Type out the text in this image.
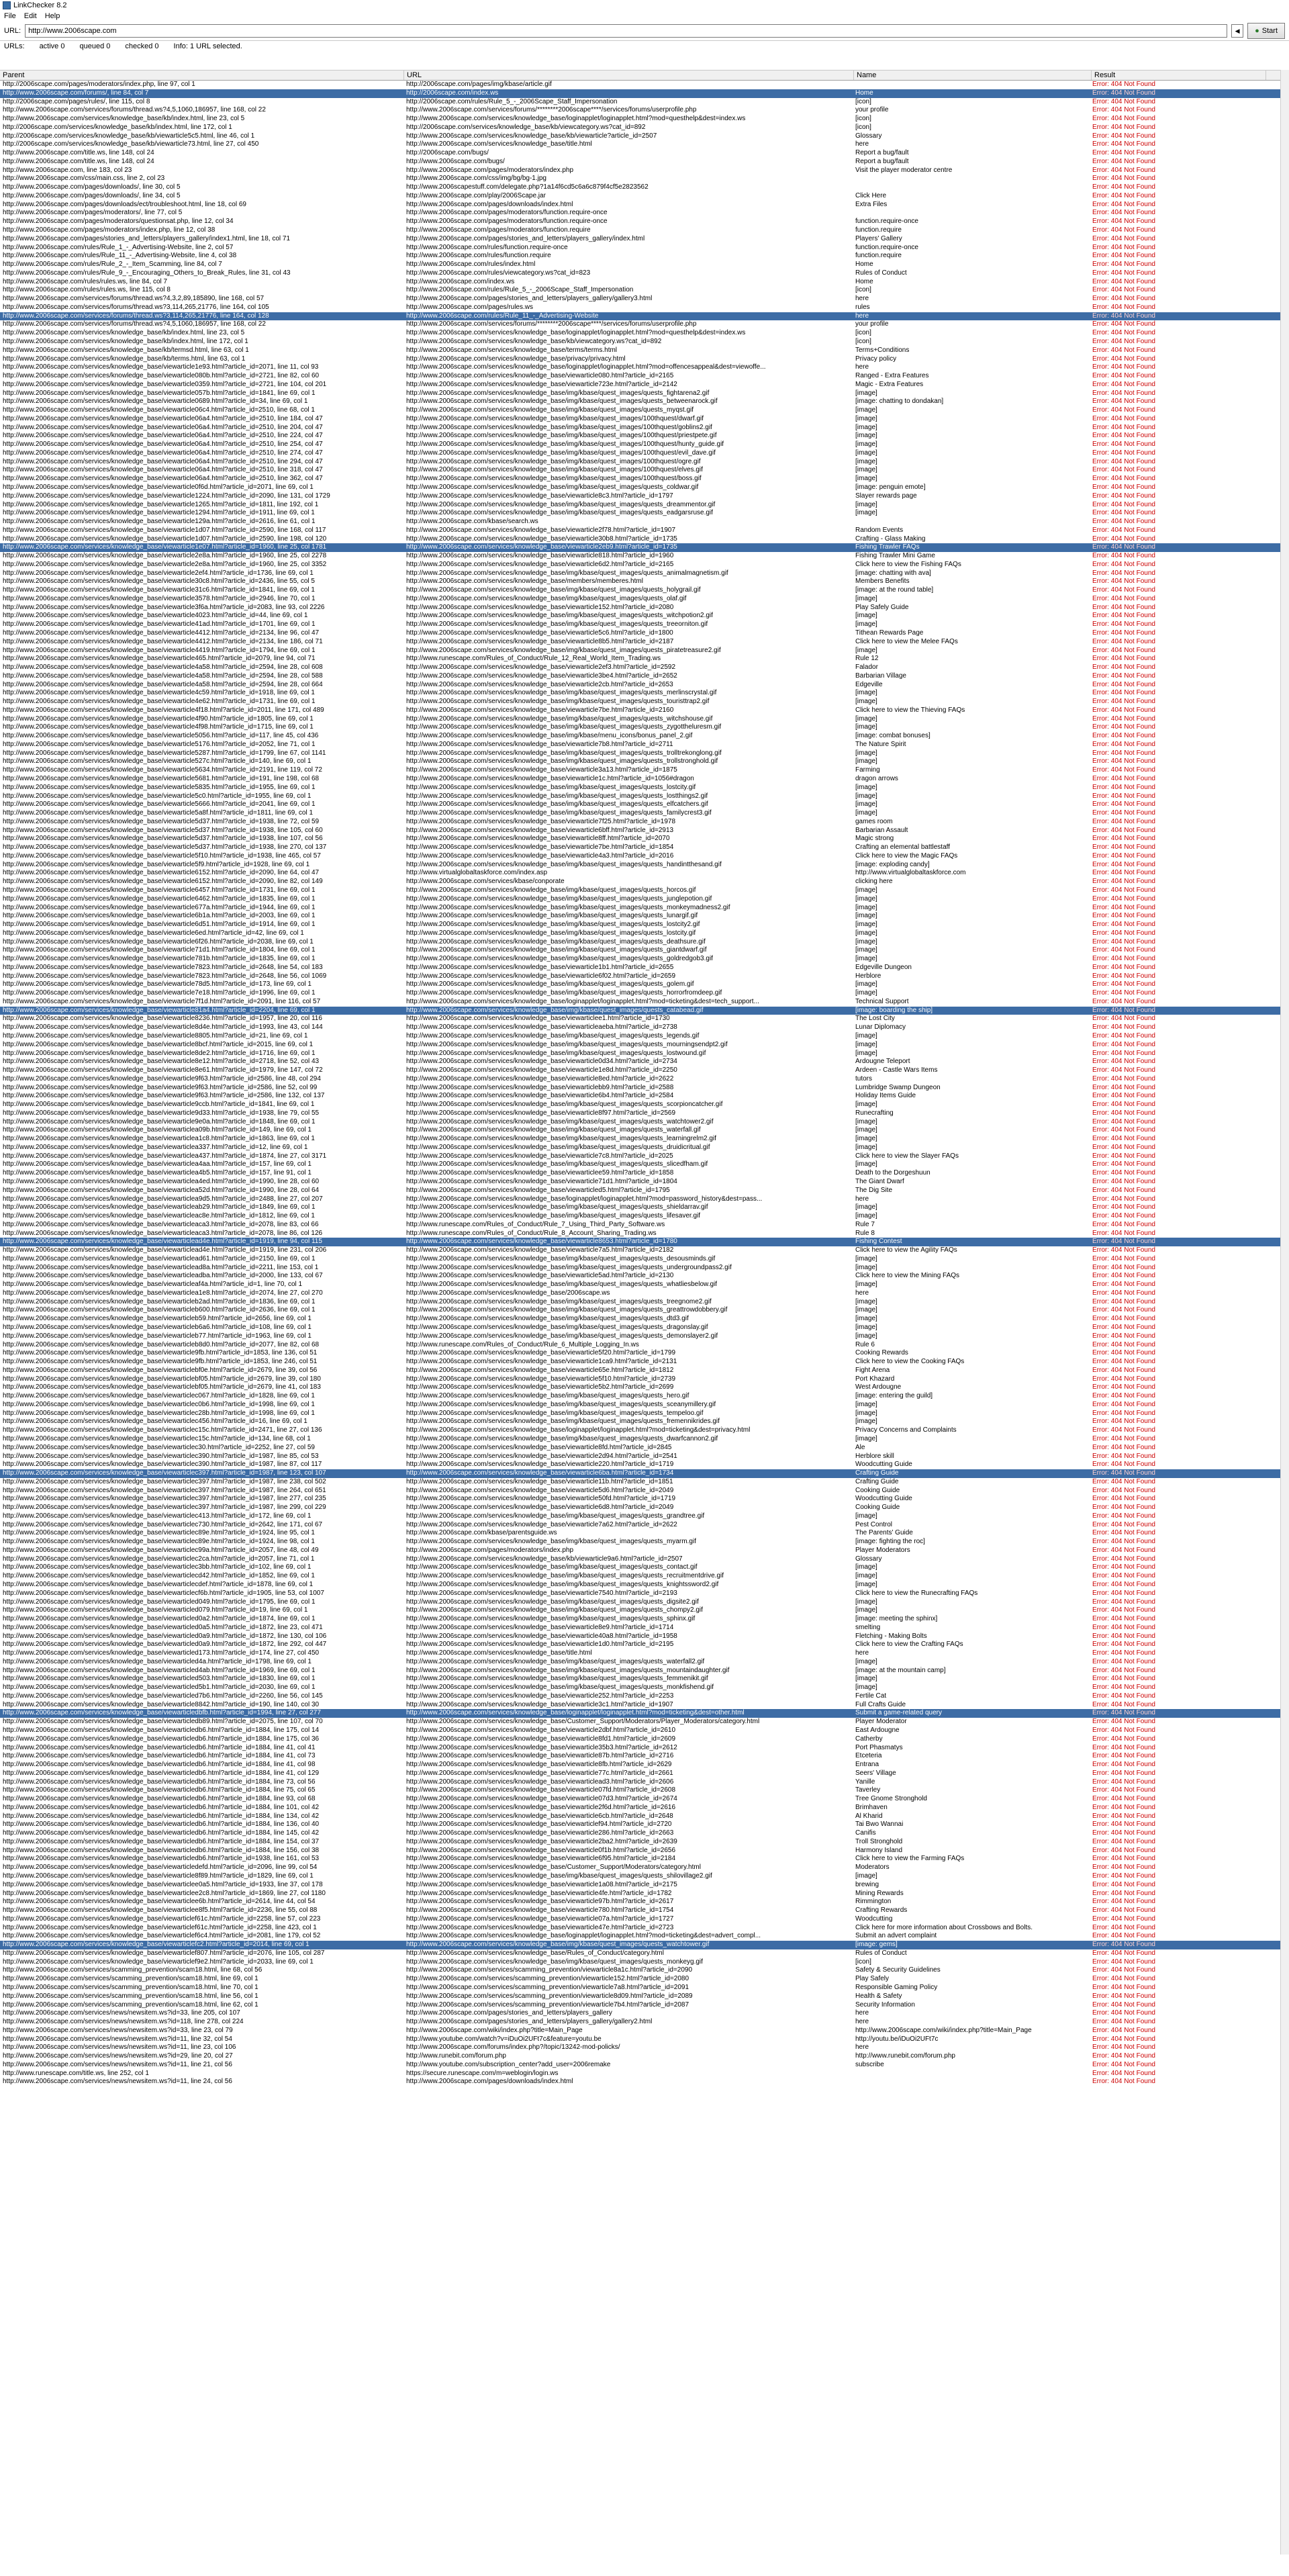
LinkChecker 8.2
File Edit Help
URL:
http://www.2006scape.com	◀	● Start
URLs: active 0 queued 0 checked 0 Info: 1 URL selected.
Parent	URL	Name	Result
http://2006scape.com/pages/moderators/index.php, line 97, col 1	http://2006scape.com/pages/img/kbase/article.gif	Error: 404 Not Found
http://www.2006scape.com/forums/, line 84, col 7	http://2006scape.com/index.ws	Home	Error: 404 Not Found
http://2006scape.com/pages/rules/, line 115, col 8	http://2006scape.com/rules/Rule_5_-_2006Scape_Staff_Impersonation	[icon]	Error: 404 Not Found
http://www.2006scape.com/services/forums/thread.ws?4,5,1060,186957, line 168, col 22	http://www.2006scape.com/services/forums/********2006scape****/services/forums/userprofile.php	your profile	Error: 404 Not Found
http://www.2006scape.com/services/knowledge_base/kb/index.html, line 23, col 5	http://www.2006scape.com/services/knowledge_base/loginapplet/loginapplet.html?mod=questhelp&dest=index.ws	[icon]	Error: 404 Not Found
http://2006scape.com/services/knowledge_base/kb/index.html, line 172, col 1	http://2006scape.com/services/knowledge_base/kb/viewcategory.ws?cat_id=892	[icon]	Error: 404 Not Found
http://2006scape.com/services/knowledge_base/kb/viewarticle5c5.html, line 46, col 1	http://www.2006scape.com/services/knowledge_base/kb/viewarticle?article_id=2507	Glossary	Error: 404 Not Found
http://2006scape.com/services/knowledge_base/kb/viewarticle73.html, line 27, col 450	http://www.2006scape.com/services/knowledge_base/title.html	here	Error: 404 Not Found
http://www.2006scape.com/title.ws, line 148, col 24	http://2006scape.com/bugs/	Report a bug/fault	Error: 404 Not Found
http://www.2006scape.com/title.ws, line 148, col 24	http://www.2006scape.com/bugs/	Report a bug/fault	Error: 404 Not Found
http://www.2006scape.com, line 183, col 23	http://www.2006scape.com/pages/moderators/index.php	Visit the player moderator centre	Error: 404 Not Found
http://www.2006scape.com/css/main.css, line 2, col 23	http://www.2006scape.com/css/img/bg/bg-1.jpg	Error: 404 Not Found
http://www.2006scape.com/pages/downloads/, line 30, col 5	http://www.2006scapestuff.com/delegate.php?1a14f6cd5c6a6c879f4cf5e2823562	Error: 404 Not Found
http://www.2006scape.com/pages/downloads/, line 34, col 5	http://www.2006scape.com/play/2006Scape.jar	Click Here	Error: 404 Not Found
http://www.2006scape.com/pages/downloads/ect/troubleshoot.html, line 18, col 69	http://www.2006scape.com/pages/downloads/index.html	Extra Files	Error: 404 Not Found
http://www.2006scape.com/pages/moderators/, line 77, col 5	http://www.2006scape.com/pages/moderators/function.require-once	Error: 404 Not Found
http://www.2006scape.com/pages/moderators/questionsat.php, line 12, col 34	http://www.2006scape.com/pages/moderators/function.require-once	function.require-once	Error: 404 Not Found
http://www.2006scape.com/pages/moderators/index.php, line 12, col 38	http://www.2006scape.com/pages/moderators/function.require	function.require	Error: 404 Not Found
http://www.2006scape.com/pages/stories_and_letters/players_gallery/index1.html, line 18, col 71	http://www.2006scape.com/pages/stories_and_letters/players_gallery/index.html	Players' Gallery	Error: 404 Not Found
http://www.2006scape.com/rules/Rule_1_-_Advertising-Website, line 2, col 57	http://www.2006scape.com/rules/function.require-once	function.require-once	Error: 404 Not Found
http://www.2006scape.com/rules/Rule_11_-_Advertising-Website, line 4, col 38	http://www.2006scape.com/rules/function.require	function.require	Error: 404 Not Found
http://www.2006scape.com/rules/Rule_2_-_Item_Scamming, line 84, col 7	http://www.2006scape.com/rules/index.html	Home	Error: 404 Not Found
http://www.2006scape.com/rules/Rule_9_-_Encouraging_Others_to_Break_Rules, line 31, col 43	http://www.2006scape.com/rules/viewcategory.ws?cat_id=823	Rules of Conduct	Error: 404 Not Found
http://www.2006scape.com/rules/rules.ws, line 84, col 7	http://www.2006scape.com/index.ws	Home	Error: 404 Not Found
http://www.2006scape.com/rules/rules.ws, line 115, col 8	http://www.2006scape.com/rules/Rule_5_-_2006Scape_Staff_Impersonation	[icon]	Error: 404 Not Found
http://www.2006scape.com/services/forums/thread.ws?4,3,2,89,185890, line 168, col 57	http://www.2006scape.com/pages/stories_and_letters/players_gallery/gallery3.html	here	Error: 404 Not Found
http://www.2006scape.com/services/forums/thread.ws?3,114,265,21776, line 164, col 105	http://www.2006scape.com/pages/rules.ws	rules	Error: 404 Not Found
http://www.2006scape.com/services/forums/thread.ws?3,114,265,21776, line 164, col 128	http://www.2006scape.com/rules/Rule_11_-_Advertising-Website	here	Error: 404 Not Found
http://www.2006scape.com/services/forums/thread.ws?4,5,1060,186957, line 168, col 22	http://www.2006scape.com/services/forums/********2006scape****/services/forums/userprofile.php	your profile	Error: 404 Not Found
http://www.2006scape.com/services/knowledge_base/kb/index.html, line 23, col 5	http://www.2006scape.com/services/knowledge_base/loginapplet/loginapplet.html?mod=questhelp&dest=index.ws	[icon]	Error: 404 Not Found
http://www.2006scape.com/services/knowledge_base/kb/index.html, line 172, col 1	http://www.2006scape.com/services/knowledge_base/kb/viewcategory.ws?cat_id=892	[icon]	Error: 404 Not Found
http://www.2006scape.com/services/knowledge_base/kb/termsd.html, line 63, col 1	http://www.2006scape.com/services/knowledge_base/terms/terms.html	Terms+Conditions	Error: 404 Not Found
http://www.2006scape.com/services/knowledge_base/kb/terms.html, line 63, col 1	http://www.2006scape.com/services/knowledge_base/privacy/privacy.html	Privacy policy	Error: 404 Not Found
http://www.2006scape.com/services/knowledge_base/viewarticle1e93.html?article_id=2071, line 11, col 93	http://www.2006scape.com/services/knowledge_base/loginapplet/loginapplet.html?mod=offencesappeal&dest=viewoffe...	here	Error: 404 Not Found
http://www.2006scape.com/services/knowledge_base/viewarticle080b.html?article_id=2721, line 82, col 60	http://www.2006scape.com/services/knowledge_base/viewarticle080.html?article_id=2165	Ranged - Extra Features	Error: 404 Not Found
http://www.2006scape.com/services/knowledge_base/viewarticle0359.html?article_id=2721, line 104, col 201	http://www.2006scape.com/services/knowledge_base/viewarticle723e.html?article_id=2142	Magic - Extra Features	Error: 404 Not Found
http://www.2006scape.com/services/knowledge_base/viewarticle057b.html?article_id=1841, line 69, col 1	http://www.2006scape.com/services/knowledge_base/img/kbase/quest_images/quests_fightarena2.gif	[image]	Error: 404 Not Found
http://www.2006scape.com/services/knowledge_base/viewarticle0689.html?article_id=34, line 69, col 1	http://www.2006scape.com/services/knowledge_base/img/kbase/quest_images/quests_betweenarock.gif	[image: chatting to dondakan]	Error: 404 Not Found
http://www.2006scape.com/services/knowledge_base/viewarticle06c4.html?article_id=2510, line 68, col 1	http://www.2006scape.com/services/knowledge_base/img/kbase/quest_images/quests_myqst.gif	[image]	Error: 404 Not Found
http://www.2006scape.com/services/knowledge_base/viewarticle06a4.html?article_id=2510, line 184, col 47	http://www.2006scape.com/services/knowledge_base/img/kbase/quest_images/100thquest/dwarf.gif	[image]	Error: 404 Not Found
http://www.2006scape.com/services/knowledge_base/viewarticle06a4.html?article_id=2510, line 204, col 47	http://www.2006scape.com/services/knowledge_base/img/kbase/quest_images/100thquest/goblins2.gif	[image]	Error: 404 Not Found
http://www.2006scape.com/services/knowledge_base/viewarticle06a4.html?article_id=2510, line 224, col 47	http://www.2006scape.com/services/knowledge_base/img/kbase/quest_images/100thquest/priestpete.gif	[image]	Error: 404 Not Found
http://www.2006scape.com/services/knowledge_base/viewarticle06a4.html?article_id=2510, line 254, col 47	http://www.2006scape.com/services/knowledge_base/img/kbase/quest_images/100thquest/hunty_guide.gif	[image]	Error: 404 Not Found
http://www.2006scape.com/services/knowledge_base/viewarticle06a4.html?article_id=2510, line 274, col 47	http://www.2006scape.com/services/knowledge_base/img/kbase/quest_images/100thquest/evil_dave.gif	[image]	Error: 404 Not Found
http://www.2006scape.com/services/knowledge_base/viewarticle06a4.html?article_id=2510, line 294, col 47	http://www.2006scape.com/services/knowledge_base/img/kbase/quest_images/100thquest/ogre.gif	[image]	Error: 404 Not Found
http://www.2006scape.com/services/knowledge_base/viewarticle06a4.html?article_id=2510, line 318, col 47	http://www.2006scape.com/services/knowledge_base/img/kbase/quest_images/100thquest/elves.gif	[image]	Error: 404 Not Found
http://www.2006scape.com/services/knowledge_base/viewarticle06a4.html?article_id=2510, line 362, col 47	http://www.2006scape.com/services/knowledge_base/img/kbase/quest_images/100thquest/boss.gif	[image]	Error: 404 Not Found
http://www.2006scape.com/services/knowledge_base/viewarticle0f6d.html?article_id=2071, line 69, col 1	http://www.2006scape.com/services/knowledge_base/img/kbase/quest_images/quests_coldwar.gif	[image: penguin emote]	Error: 404 Not Found
http://www.2006scape.com/services/knowledge_base/viewarticle1224.html?article_id=2090, line 131, col 1729	http://www.2006scape.com/services/knowledge_base/viewarticle8c3.html?article_id=1797	Slayer rewards page	Error: 404 Not Found
http://www.2006scape.com/services/knowledge_base/viewarticle1265.html?article_id=1811, line 192, col 1	http://www.2006scape.com/services/knowledge_base/img/kbase/quest_images/quests_dreammentor.gif	[image]	Error: 404 Not Found
http://www.2006scape.com/services/knowledge_base/viewarticle1294.html?article_id=1911, line 69, col 1	http://www.2006scape.com/services/knowledge_base/img/kbase/quest_images/quests_eadgarsruse.gif	[image]	Error: 404 Not Found
http://www.2006scape.com/services/knowledge_base/viewarticle129a.html?article_id=2616, line 61, col 1	http://www.2006scape.com/kbase/search.ws	Error: 404 Not Found
http://www.2006scape.com/services/knowledge_base/viewarticle1d07.html?article_id=2590, line 168, col 117	http://www.2006scape.com/services/knowledge_base/viewarticle2f78.html?article_id=1907	Random Events	Error: 404 Not Found
http://www.2006scape.com/services/knowledge_base/viewarticle1d07.html?article_id=2590, line 198, col 120	http://www.2006scape.com/services/knowledge_base/viewarticle30b8.html?article_id=1735	Crafting - Glass Making	Error: 404 Not Found
http://www.2006scape.com/services/knowledge_base/viewarticle1e07.html?article_id=1960, line 25, col 1781	http://www.2006scape.com/services/knowledge_base/viewarticle2eb9.html?article_id=1735	Fishing Trawler FAQs	Error: 404 Not Found
http://www.2006scape.com/services/knowledge_base/viewarticle2e8a.html?article_id=1960, line 25, col 2278	http://www.2006scape.com/services/knowledge_base/viewarticle818.html?article_id=1960	Fishing Trawler Mini Game	Error: 404 Not Found
http://www.2006scape.com/services/knowledge_base/viewarticle2e8a.html?article_id=1960, line 25, col 3352	http://www.2006scape.com/services/knowledge_base/viewarticle6d2.html?article_id=2165	Click here to view the Fishing FAQs	Error: 404 Not Found
http://www.2006scape.com/services/knowledge_base/viewarticle2ef4.html?article_id=1736, line 69, col 1	http://www.2006scape.com/services/knowledge_base/img/kbase/quest_images/quests_animalmagnetism.gif	[image: chatting with ava]	Error: 404 Not Found
http://www.2006scape.com/services/knowledge_base/viewarticle30c8.html?article_id=2436, line 55, col 5	http://www.2006scape.com/services/knowledge_base/members/memberes.html	Members Benefits	Error: 404 Not Found
http://www.2006scape.com/services/knowledge_base/viewarticle31c6.html?article_id=1841, line 69, col 1	http://www.2006scape.com/services/knowledge_base/img/kbase/quest_images/quests_holygrail.gif	[image: at the round table]	Error: 404 Not Found
http://www.2006scape.com/services/knowledge_base/viewarticle3578.html?article_id=2946, line 70, col 1	http://www.2006scape.com/services/knowledge_base/img/kbase/quest_images/quests_olaf.gif	[image]	Error: 404 Not Found
http://www.2006scape.com/services/knowledge_base/viewarticle3f6a.html?article_id=2083, line 93, col 2226	http://www.2006scape.com/services/knowledge_base/viewarticle152.html?article_id=2080	Play Safely Guide	Error: 404 Not Found
http://www.2006scape.com/services/knowledge_base/viewarticle4023.html?article_id=44, line 69, col 1	http://www.2006scape.com/services/knowledge_base/img/kbase/quest_images/quests_witchpotion2.gif	[image]	Error: 404 Not Found
http://www.2006scape.com/services/knowledge_base/viewarticle41ad.html?article_id=1701, line 69, col 1	http://www.2006scape.com/services/knowledge_base/img/kbase/quest_images/quests_treeorniton.gif	[image]	Error: 404 Not Found
http://www.2006scape.com/services/knowledge_base/viewarticle4412.html?article_id=2134, line 96, col 47	http://www.2006scape.com/services/knowledge_base/viewarticle5c6.html?article_id=1800	Tithean Rewards Page	Error: 404 Not Found
http://www.2006scape.com/services/knowledge_base/viewarticle4412.html?article_id=2134, line 186, col 71	http://www.2006scape.com/services/knowledge_base/viewarticle8b5.html?article_id=2187	Click here to view the Melee FAQs	Error: 404 Not Found
http://www.2006scape.com/services/knowledge_base/viewarticle4419.html?article_id=1794, line 69, col 1	http://www.2006scape.com/services/knowledge_base/img/kbase/quest_images/quests_piratetreasure2.gif	[image]	Error: 404 Not Found
http://www.2006scape.com/services/knowledge_base/viewarticle465.html?article_id=2079, line 94, col 71	http://www.runescape.com/Rules_of_Conduct/Rule_12_Real_World_Item_Trading.ws	Rule 12	Error: 404 Not Found
http://www.2006scape.com/services/knowledge_base/viewarticle4a58.html?article_id=2594, line 28, col 608	http://www.2006scape.com/services/knowledge_base/viewarticle2ef3.html?article_id=2592	Falador	Error: 404 Not Found
http://www.2006scape.com/services/knowledge_base/viewarticle4a58.html?article_id=2594, line 28, col 588	http://www.2006scape.com/services/knowledge_base/viewarticle3be4.html?article_id=2652	Barbarian Village	Error: 404 Not Found
http://www.2006scape.com/services/knowledge_base/viewarticle4a58.html?article_id=2594, line 28, col 664	http://www.2006scape.com/services/knowledge_base/viewarticle2cb.html?article_id=2653	Edgeville	Error: 404 Not Found
http://www.2006scape.com/services/knowledge_base/viewarticle4c59.html?article_id=1918, line 69, col 1	http://www.2006scape.com/services/knowledge_base/img/kbase/quest_images/quests_merlinscrystal.gif	[image]	Error: 404 Not Found
http://www.2006scape.com/services/knowledge_base/viewarticle4e62.html?article_id=1731, line 69, col 1	http://www.2006scape.com/services/knowledge_base/img/kbase/quest_images/quests_touristtrap2.gif	[image]	Error: 404 Not Found
http://www.2006scape.com/services/knowledge_base/viewarticle4f18.html?article_id=2011, line 171, col 489	http://www.2006scape.com/services/knowledge_base/viewarticle7be.html?article_id=2160	Click here to view the Thieving FAQs	Error: 404 Not Found
http://www.2006scape.com/services/knowledge_base/viewarticle4f90.html?article_id=1805, line 69, col 1	http://www.2006scape.com/services/knowledge_base/img/kbase/quest_images/quests_witchshouse.gif	[image]	Error: 404 Not Found
http://www.2006scape.com/services/knowledge_base/viewarticle4f98.html?article_id=1715, line 69, col 1	http://www.2006scape.com/services/knowledge_base/img/kbase/quest_images/quests_zygottheluresm.gif	[image]	Error: 404 Not Found
http://www.2006scape.com/services/knowledge_base/viewarticle5056.html?article_id=117, line 45, col 436	http://www.2006scape.com/services/knowledge_base/img/kbase/menu_icons/bonus_panel_2.gif	[image: combat bonuses]	Error: 404 Not Found
http://www.2006scape.com/services/knowledge_base/viewarticle5176.html?article_id=2052, line 71, col 1	http://www.2006scape.com/services/knowledge_base/viewarticle7b8.html?article_id=2711	The Nature Spirit	Error: 404 Not Found
http://www.2006scape.com/services/knowledge_base/viewarticle5287.html?article_id=1799, line 67, col 1141	http://www.2006scape.com/services/knowledge_base/img/kbase/quest_images/quests_trolltrekonglong.gif	[image]	Error: 404 Not Found
http://www.2006scape.com/services/knowledge_base/viewarticle527c.html?article_id=140, line 69, col 1	http://www.2006scape.com/services/knowledge_base/img/kbase/quest_images/quests_trollstronghold.gif	[image]	Error: 404 Not Found
http://www.2006scape.com/services/knowledge_base/viewarticle5634.html?article_id=2191, line 119, col 72	http://www.2006scape.com/services/knowledge_base/viewarticle3a13.html?article_id=1875	Farming	Error: 404 Not Found
http://www.2006scape.com/services/knowledge_base/viewarticle5681.html?article_id=191, line 198, col 68	http://www.2006scape.com/services/knowledge_base/viewarticle1c.html?article_id=1056#dragon	dragon arrows	Error: 404 Not Found
http://www.2006scape.com/services/knowledge_base/viewarticle5835.html?article_id=1955, line 69, col 1	http://www.2006scape.com/services/knowledge_base/img/kbase/quest_images/quests_lostcity.gif	[image]	Error: 404 Not Found
http://www.2006scape.com/services/knowledge_base/viewarticle5c0.html?article_id=1955, line 69, col 1	http://www.2006scape.com/services/knowledge_base/img/kbase/quest_images/quests_lostthings2.gif	[image]	Error: 404 Not Found
http://www.2006scape.com/services/knowledge_base/viewarticle5666.html?article_id=2041, line 69, col 1	http://www.2006scape.com/services/knowledge_base/img/kbase/quest_images/quests_elfcatchers.gif	[image]	Error: 404 Not Found
http://www.2006scape.com/services/knowledge_base/viewarticle5a8f.html?article_id=1811, line 69, col 1	http://www.2006scape.com/services/knowledge_base/img/kbase/quest_images/quests_familycrest3.gif	[image]	Error: 404 Not Found
http://www.2006scape.com/services/knowledge_base/viewarticle5d37.html?article_id=1938, line 72, col 59	http://www.2006scape.com/services/knowledge_base/viewarticle7f25.html?article_id=1978	games room	Error: 404 Not Found
http://www.2006scape.com/services/knowledge_base/viewarticle5d37.html?article_id=1938, line 105, col 60	http://www.2006scape.com/services/knowledge_base/viewarticle6bff.html?article_id=2913	Barbarian Assault	Error: 404 Not Found
http://www.2006scape.com/services/knowledge_base/viewarticle5d37.html?article_id=1938, line 107, col 56	http://www.2006scape.com/services/knowledge_base/viewarticle8ff.html?article_id=2070	Magic strong	Error: 404 Not Found
http://www.2006scape.com/services/knowledge_base/viewarticle5d37.html?article_id=1938, line 270, col 137	http://www.2006scape.com/services/knowledge_base/viewarticle7be.html?article_id=1854	Crafting an elemental battlestaff	Error: 404 Not Found
http://www.2006scape.com/services/knowledge_base/viewarticle5f10.html?article_id=1938, line 465, col 57	http://www.2006scape.com/services/knowledge_base/viewarticle4a3.html?article_id=2016	Click here to view the Magic FAQs	Error: 404 Not Found
http://www.2006scape.com/services/knowledge_base/viewarticle5f9.html?article_id=1928, line 69, col 1	http://www.2006scape.com/services/knowledge_base/img/kbase/quest_images/quests_handintthesand.gif	[image: exploding candy]	Error: 404 Not Found
http://www.2006scape.com/services/knowledge_base/viewarticle6152.html?article_id=2090, line 64, col 47	http://www.virtualglobaltaskforce.com/index.asp	http://www.virtualglobaltaskforce.com	Error: 404 Not Found
http://www.2006scape.com/services/knowledge_base/viewarticle6152.html?article_id=2090, line 82, col 149	http://www.2006scape.com/services/kbase/conporate	clicking here	Error: 404 Not Found
http://www.2006scape.com/services/knowledge_base/viewarticle6457.html?article_id=1731, line 69, col 1	http://www.2006scape.com/services/knowledge_base/img/kbase/quest_images/quests_horcos.gif	[image]	Error: 404 Not Found
http://www.2006scape.com/services/knowledge_base/viewarticle6462.html?article_id=1835, line 69, col 1	http://www.2006scape.com/services/knowledge_base/img/kbase/quest_images/quests_junglepotion.gif	[image]	Error: 404 Not Found
http://www.2006scape.com/services/knowledge_base/viewarticle677a.html?article_id=1944, line 69, col 1	http://www.2006scape.com/services/knowledge_base/img/kbase/quest_images/quests_monkeymadness2.gif	[image]	Error: 404 Not Found
http://www.2006scape.com/services/knowledge_base/viewarticle6b1a.html?article_id=2003, line 69, col 1	http://www.2006scape.com/services/knowledge_base/img/kbase/quest_images/quests_lunargif.gif	[image]	Error: 404 Not Found
http://www.2006scape.com/services/knowledge_base/viewarticle6d51.html?article_id=1914, line 69, col 1	http://www.2006scape.com/services/knowledge_base/img/kbase/quest_images/quests_lostcity2.gif	[image]	Error: 404 Not Found
http://www.2006scape.com/services/knowledge_base/viewarticle6ed.html?article_id=42, line 69, col 1	http://www.2006scape.com/services/knowledge_base/img/kbase/quest_images/quests_lostcity.gif	[image]	Error: 404 Not Found
http://www.2006scape.com/services/knowledge_base/viewarticle6f26.html?article_id=2038, line 69, col 1	http://www.2006scape.com/services/knowledge_base/img/kbase/quest_images/quests_deathsure.gif	[image]	Error: 404 Not Found
http://www.2006scape.com/services/knowledge_base/viewarticle71d1.html?article_id=1804, line 69, col 1	http://www.2006scape.com/services/knowledge_base/img/kbase/quest_images/quests_giantdwarf.gif	[image]	Error: 404 Not Found
http://www.2006scape.com/services/knowledge_base/viewarticle781b.html?article_id=1835, line 69, col 1	http://www.2006scape.com/services/knowledge_base/img/kbase/quest_images/quests_goldredgob3.gif	[image]	Error: 404 Not Found
http://www.2006scape.com/services/knowledge_base/viewarticle7823.html?article_id=2648, line 54, col 183	http://www.2006scape.com/services/knowledge_base/viewarticle1b1.html?article_id=2655	Edgeville Dungeon	Error: 404 Not Found
http://www.2006scape.com/services/knowledge_base/viewarticle7823.html?article_id=2648, line 56, col 1069	http://www.2006scape.com/services/knowledge_base/viewarticle6f02.html?article_id=2659	Herblore	Error: 404 Not Found
http://www.2006scape.com/services/knowledge_base/viewarticle78d5.html?article_id=173, line 69, col 1	http://www.2006scape.com/services/knowledge_base/img/kbase/quest_images/quests_golem.gif	[image]	Error: 404 Not Found
http://www.2006scape.com/services/knowledge_base/viewarticle7e18.html?article_id=1996, line 69, col 1	http://www.2006scape.com/services/knowledge_base/img/kbase/quest_images/quests_horrorfromdeep.gif	[image]	Error: 404 Not Found
http://www.2006scape.com/services/knowledge_base/viewarticle7f1d.html?article_id=2091, line 116, col 57	http://www.2006scape.com/services/knowledge_base/loginapplet/loginapplet.html?mod=ticketing&dest=tech_support...	Technical Support	Error: 404 Not Found
http://www.2006scape.com/services/knowledge_base/viewarticle81a4.html?article_id=2204, line 69, col 1	http://www.2006scape.com/services/knowledge_base/img/kbase/quest_images/quests_catabead.gif	[image: boarding the ship]	Error: 404 Not Found
http://www.2006scape.com/services/knowledge_base/viewarticle8236.html?article_id=1957, line 20, col 116	http://www.2006scape.com/services/knowledge_base/viewarticlee1.html?article_id=1730	The Lost City	Error: 404 Not Found
http://www.2006scape.com/services/knowledge_base/viewarticle8d4e.html?article_id=1993, line 43, col 144	http://www.2006scape.com/services/knowledge_base/viewarticleaeba.html?article_id=2738	Lunar Diplomacy	Error: 404 Not Found
http://www.2006scape.com/services/knowledge_base/viewarticle8805.html?article_id=21, line 69, col 1	http://www.2006scape.com/services/knowledge_base/img/kbase/quest_images/quests_legends.gif	[image]	Error: 404 Not Found
http://www.2006scape.com/services/knowledge_base/viewarticle8bcf.html?article_id=2015, line 69, col 1	http://www.2006scape.com/services/knowledge_base/img/kbase/quest_images/quests_mourningsendpt2.gif	[image]	Error: 404 Not Found
http://www.2006scape.com/services/knowledge_base/viewarticle8de2.html?article_id=1716, line 69, col 1	http://www.2006scape.com/services/knowledge_base/img/kbase/quest_images/quests_lostwound.gif	[image]	Error: 404 Not Found
http://www.2006scape.com/services/knowledge_base/viewarticle8e12.html?article_id=2718, line 52, col 43	http://www.2006scape.com/services/knowledge_base/viewarticle0d34.html?article_id=2734	Ardougne Teleport	Error: 404 Not Found
http://www.2006scape.com/services/knowledge_base/viewarticle8e61.html?article_id=1979, line 147, col 72	http://www.2006scape.com/services/knowledge_base/viewarticle1e8d.html?article_id=2250	Ardeen - Castle Wars Items	Error: 404 Not Found
http://www.2006scape.com/services/knowledge_base/viewarticle9f63.html?article_id=2586, line 48, col 294	http://www.2006scape.com/services/knowledge_base/viewarticle8ed.html?article_id=2622	tutors	Error: 404 Not Found
http://www.2006scape.com/services/knowledge_base/viewarticle9f63.html?article_id=2586, line 52, col 99	http://www.2006scape.com/services/knowledge_base/viewarticlebb9.html?article_id=2588	Lumbridge Swamp Dungeon	Error: 404 Not Found
http://www.2006scape.com/services/knowledge_base/viewarticle9f63.html?article_id=2586, line 132, col 137	http://www.2006scape.com/services/knowledge_base/viewarticle6b4.html?article_id=2584	Holiday Items Guide	Error: 404 Not Found
http://www.2006scape.com/services/knowledge_base/viewarticle9ccb.html?article_id=1841, line 69, col 1	http://www.2006scape.com/services/knowledge_base/img/kbase/quest_images/quests_scorpioncatcher.gif	[image]	Error: 404 Not Found
http://www.2006scape.com/services/knowledge_base/viewarticle9d33.html?article_id=1938, line 79, col 55	http://www.2006scape.com/services/knowledge_base/viewarticle8f97.html?article_id=2569	Runecrafting	Error: 404 Not Found
http://www.2006scape.com/services/knowledge_base/viewarticle9e0a.html?article_id=1848, line 69, col 1	http://www.2006scape.com/services/knowledge_base/img/kbase/quest_images/quests_watchtower2.gif	[image]	Error: 404 Not Found
http://www.2006scape.com/services/knowledge_base/viewarticlea09b.html?article_id=149, line 69, col 1	http://www.2006scape.com/services/knowledge_base/img/kbase/quest_images/quests_waterfall.gif	[image]	Error: 404 Not Found
http://www.2006scape.com/services/knowledge_base/viewarticlea1c8.html?article_id=1863, line 69, col 1	http://www.2006scape.com/services/knowledge_base/img/kbase/quest_images/quests_learningrelm2.gif	[image]	Error: 404 Not Found
http://www.2006scape.com/services/knowledge_base/viewarticlea337.html?article_id=12, line 69, col 1	http://www.2006scape.com/services/knowledge_base/img/kbase/quest_images/quests_druidicritual.gif	[image]	Error: 404 Not Found
http://www.2006scape.com/services/knowledge_base/viewarticlea437.html?article_id=1874, line 27, col 3171	http://www.2006scape.com/services/knowledge_base/viewarticle7c8.html?article_id=2025	Click here to view the Slayer FAQs	Error: 404 Not Found
http://www.2006scape.com/services/knowledge_base/viewarticlea4aa.html?article_id=157, line 69, col 1	http://www.2006scape.com/services/knowledge_base/img/kbase/quest_images/quests_slicedfham.gif	[image]	Error: 404 Not Found
http://www.2006scape.com/services/knowledge_base/viewarticlea4b5.html?article_id=157, line 91, col 1	http://www.2006scape.com/services/knowledge_base/viewarticlee59.html?article_id=1858	Death to the Dorgeshuun	Error: 404 Not Found
http://www.2006scape.com/services/knowledge_base/viewarticlea4ed.html?article_id=1990, line 28, col 60	http://www.2006scape.com/services/knowledge_base/viewarticle71d1.html?article_id=1804	The Giant Dwarf	Error: 404 Not Found
http://www.2006scape.com/services/knowledge_base/viewarticlea52d.html?article_id=1990, line 28, col 64	http://www.2006scape.com/services/knowledge_base/viewarticled5.html?article_id=1795	The Dig Site	Error: 404 Not Found
http://www.2006scape.com/services/knowledge_base/viewarticlea9d5.html?article_id=2488, line 27, col 207	http://www.2006scape.com/services/knowledge_base/loginapplet/loginapplet.html?mod=password_history&dest=pass...	here	Error: 404 Not Found
http://www.2006scape.com/services/knowledge_base/viewarticleab29.html?article_id=1849, line 69, col 1	http://www.2006scape.com/services/knowledge_base/img/kbase/quest_images/quests_shieldarrav.gif	[image]	Error: 404 Not Found
http://www.2006scape.com/services/knowledge_base/viewarticleac8e.html?article_id=1812, line 69, col 1	http://www.2006scape.com/services/knowledge_base/img/kbase/quest_images/quests_lifesaver.gif	[image]	Error: 404 Not Found
http://www.2006scape.com/services/knowledge_base/viewarticleaca3.html?article_id=2078, line 83, col 66	http://www.runescape.com/Rules_of_Conduct/Rule_7_Using_Third_Party_Software.ws	Rule 7	Error: 404 Not Found
http://www.2006scape.com/services/knowledge_base/viewarticleaca3.html?article_id=2078, line 86, col 126	http://www.runescape.com/Rules_of_Conduct/Rule_8_Account_Sharing_Trading.ws	Rule 8	Error: 404 Not Found
http://www.2006scape.com/services/knowledge_base/viewarticlead4e.html?article_id=1919, line 94, col 115	http://www.2006scape.com/services/knowledge_base/viewarticle8653.html?article_id=1780	Fishing Contest	Error: 404 Not Found
http://www.2006scape.com/services/knowledge_base/viewarticlead4e.html?article_id=1919, line 231, col 206	http://www.2006scape.com/services/knowledge_base/viewarticle7a5.html?article_id=2182	Click here to view the Agility FAQs	Error: 404 Not Found
http://www.2006scape.com/services/knowledge_base/viewarticlead61.html?article_id=2150, line 69, col 1	http://www.2006scape.com/services/knowledge_base/img/kbase/quest_images/quests_desousminds.gif	[image]	Error: 404 Not Found
http://www.2006scape.com/services/knowledge_base/viewarticlead8a.html?article_id=2211, line 153, col 1	http://www.2006scape.com/services/knowledge_base/img/kbase/quest_images/quests_undergroundpass2.gif	[image]	Error: 404 Not Found
http://www.2006scape.com/services/knowledge_base/viewarticleadba.html?article_id=2000, line 133, col 67	http://www.2006scape.com/services/knowledge_base/viewarticle5ad.html?article_id=2130	Click here to view the Mining FAQs	Error: 404 Not Found
http://www.2006scape.com/services/knowledge_base/viewarticleaf4a.html?article_id=1, line 70, col 1	http://www.2006scape.com/services/knowledge_base/img/kbase/quest_images/quests_whatliesbelow.gif	[image]	Error: 404 Not Found
http://www.2006scape.com/services/knowledge_base/viewarticlea1e8.html?article_id=2074, line 27, col 270	http://www.2006scape.com/services/knowledge_base/2006scape.ws	here	Error: 404 Not Found
http://www.2006scape.com/services/knowledge_base/viewarticleb2ad.html?article_id=1836, line 69, col 1	http://www.2006scape.com/services/knowledge_base/img/kbase/quest_images/quests_treegnome2.gif	[image]	Error: 404 Not Found
http://www.2006scape.com/services/knowledge_base/viewarticleb600.html?article_id=2636, line 69, col 1	http://www.2006scape.com/services/knowledge_base/img/kbase/quest_images/quests_greattrowdobbery.gif	[image]	Error: 404 Not Found
http://www.2006scape.com/services/knowledge_base/viewarticleb59.html?article_id=2656, line 69, col 1	http://www.2006scape.com/services/knowledge_base/img/kbase/quest_images/quests_dtd3.gif	[image]	Error: 404 Not Found
http://www.2006scape.com/services/knowledge_base/viewarticleb6a6.html?article_id=108, line 69, col 1	http://www.2006scape.com/services/knowledge_base/img/kbase/quest_images/quests_dragonslay.gif	[image]	Error: 404 Not Found
http://www.2006scape.com/services/knowledge_base/viewarticleb77.html?article_id=1963, line 69, col 1	http://www.2006scape.com/services/knowledge_base/img/kbase/quest_images/quests_demonslayer2.gif	[image]	Error: 404 Not Found
http://www.2006scape.com/services/knowledge_base/viewarticleb8d0.html?article_id=2077, line 82, col 68	http://www.runescape.com/Rules_of_Conduct/Rule_6_Multiple_Logging_In.ws	Rule 6	Error: 404 Not Found
http://www.2006scape.com/services/knowledge_base/viewarticle9fb.html?article_id=1853, line 136, col 51	http://www.2006scape.com/services/knowledge_base/viewarticle5f20.html?article_id=1799	Cooking Rewards	Error: 404 Not Found
http://www.2006scape.com/services/knowledge_base/viewarticle9fb.html?article_id=1853, line 246, col 51	http://www.2006scape.com/services/knowledge_base/viewarticle1ca9.html?article_id=2131	Click here to view the Cooking FAQs	Error: 404 Not Found
http://www.2006scape.com/services/knowledge_base/viewarticlebf0e.html?article_id=2679, line 39, col 56	http://www.2006scape.com/services/knowledge_base/viewarticle65e.html?article_id=1812	Fight Arena	Error: 404 Not Found
http://www.2006scape.com/services/knowledge_base/viewarticlebf05.html?article_id=2679, line 39, col 180	http://www.2006scape.com/services/knowledge_base/viewarticle5f10.html?article_id=2739	Port Khazard	Error: 404 Not Found
http://www.2006scape.com/services/knowledge_base/viewarticlebf05.html?article_id=2679, line 41, col 183	http://www.2006scape.com/services/knowledge_base/viewarticle5b2.html?article_id=2699	West Ardougne	Error: 404 Not Found
http://www.2006scape.com/services/knowledge_base/viewarticlec067.html?article_id=1828, line 69, col 1	http://www.2006scape.com/services/knowledge_base/img/kbase/quest_images/quests_hero.gif	[image: entering the guild]	Error: 404 Not Found
http://www.2006scape.com/services/knowledge_base/viewarticlec0b6.html?article_id=1998, line 69, col 1	http://www.2006scape.com/services/knowledge_base/img/kbase/quest_images/quests_sceanymillery.gif	[image]	Error: 404 Not Found
http://www.2006scape.com/services/knowledge_base/viewarticlec28b.html?article_id=1998, line 69, col 1	http://www.2006scape.com/services/knowledge_base/img/kbase/quest_images/quests_tempeloo.gif	[image]	Error: 404 Not Found
http://www.2006scape.com/services/knowledge_base/viewarticlec456.html?article_id=16, line 69, col 1	http://www.2006scape.com/services/knowledge_base/img/kbase/quest_images/quests_fremennikrides.gif	[image]	Error: 404 Not Found
http://www.2006scape.com/services/knowledge_base/viewarticlec15c.html?article_id=2471, line 27, col 136	http://www.2006scape.com/services/knowledge_base/loginapplet/loginapplet.html?mod=ticketing&dest=privacy.html	Privacy Concerns and Complaints	Error: 404 Not Found
http://www.2006scape.com/services/knowledge_base/viewarticlec15c.html?article_id=134, line 68, col 1	http://www.2006scape.com/services/knowledge_base/img/kbase/quest_images/quests_dwarfcannon2.gif	[image]	Error: 404 Not Found
http://www.2006scape.com/services/knowledge_base/viewarticlec30.html?article_id=2252, line 27, col 59	http://www.2006scape.com/services/knowledge_base/viewarticle8fd.html?article_id=2845	Ale	Error: 404 Not Found
http://www.2006scape.com/services/knowledge_base/viewarticlec390.html?article_id=1987, line 85, col 53	http://www.2006scape.com/services/knowledge_base/viewarticle2d94.html?article_id=2541	Herblore skill	Error: 404 Not Found
http://www.2006scape.com/services/knowledge_base/viewarticlec390.html?article_id=1987, line 87, col 117	http://www.2006scape.com/services/knowledge_base/viewarticle220.html?article_id=1719	Woodcutting Guide	Error: 404 Not Found
http://www.2006scape.com/services/knowledge_base/viewarticlec397.html?article_id=1987, line 123, col 107	http://www.2006scape.com/services/knowledge_base/viewarticle6ba.html?article_id=1734	Crafting Guide	Error: 404 Not Found
http://www.2006scape.com/services/knowledge_base/viewarticlec397.html?article_id=1987, line 238, col 502	http://www.2006scape.com/services/knowledge_base/viewarticle11b.html?article_id=1851	Crafting Guide	Error: 404 Not Found
http://www.2006scape.com/services/knowledge_base/viewarticlec397.html?article_id=1987, line 264, col 651	http://www.2006scape.com/services/knowledge_base/viewarticle5d6.html?article_id=2049	Cooking Guide	Error: 404 Not Found
http://www.2006scape.com/services/knowledge_base/viewarticlec397.html?article_id=1987, line 277, col 235	http://www.2006scape.com/services/knowledge_base/viewarticle50fd.html?article_id=1719	Woodcutting Guide	Error: 404 Not Found
http://www.2006scape.com/services/knowledge_base/viewarticlec397.html?article_id=1987, line 299, col 229	http://www.2006scape.com/services/knowledge_base/viewarticle6d8.html?article_id=2049	Cooking Guide	Error: 404 Not Found
http://www.2006scape.com/services/knowledge_base/viewarticlec413.html?article_id=172, line 69, col 1	http://www.2006scape.com/services/knowledge_base/img/kbase/quest_images/quests_grandtree.gif	[image]	Error: 404 Not Found
http://www.2006scape.com/services/knowledge_base/viewarticlec730.html?article_id=2642, line 171, col 67	http://www.2006scape.com/services/knowledge_base/viewarticle7a62.html?article_id=2622	Pest Control	Error: 404 Not Found
http://www.2006scape.com/services/knowledge_base/viewarticlec89e.html?article_id=1924, line 95, col 1	http://www.2006scape.com/kbase/parentsguide.ws	The Parents' Guide	Error: 404 Not Found
http://www.2006scape.com/services/knowledge_base/viewarticlec89e.html?article_id=1924, line 98, col 1	http://www.2006scape.com/services/knowledge_base/img/kbase/quest_images/quests_myarm.gif	[image: fighting the roc]	Error: 404 Not Found
http://www.2006scape.com/services/knowledge_base/viewarticlec99a.html?article_id=2057, line 48, col 49	http://www.2006scape.com/pages/moderators/index.php	Player Moderators	Error: 404 Not Found
http://www.2006scape.com/services/knowledge_base/viewarticlec2ca.html?article_id=2057, line 71, col 1	http://www.2006scape.com/services/knowledge_base/kb/viewarticle9a6.html?article_id=2507	Glossary	Error: 404 Not Found
http://www.2006scape.com/services/knowledge_base/viewarticlec3bb.html?article_id=102, line 69, col 1	http://www.2006scape.com/services/knowledge_base/img/kbase/quest_images/quests_contact.gif	[image]	Error: 404 Not Found
http://www.2006scape.com/services/knowledge_base/viewarticlecd42.html?article_id=1852, line 69, col 1	http://www.2006scape.com/services/knowledge_base/img/kbase/quest_images/quests_recruitmentdrive.gif	[image]	Error: 404 Not Found
http://www.2006scape.com/services/knowledge_base/viewarticlecdef.html?article_id=1878, line 69, col 1	http://www.2006scape.com/services/knowledge_base/img/kbase/quest_images/quests_knightssword2.gif	[image]	Error: 404 Not Found
http://www.2006scape.com/services/knowledge_base/viewarticlecf6b.html?article_id=1905, line 53, col 1007	http://www.2006scape.com/services/knowledge_base/viewarticle7540.html?article_id=2193	Click here to view the Runecrafting FAQs	Error: 404 Not Found
http://www.2006scape.com/services/knowledge_base/viewarticled049.html?article_id=1795, line 69, col 1	http://www.2006scape.com/services/knowledge_base/img/kbase/quest_images/quests_digsite2.gif	[image]	Error: 404 Not Found
http://www.2006scape.com/services/knowledge_base/viewarticled079.html?article_id=19, line 69, col 1	http://www.2006scape.com/services/knowledge_base/img/kbase/quest_images/quests_chompy2.gif	[image]	Error: 404 Not Found
http://www.2006scape.com/services/knowledge_base/viewarticled0a2.html?article_id=1874, line 69, col 1	http://www.2006scape.com/services/knowledge_base/img/kbase/quest_images/quests_sphinx.gif	[image: meeting the sphinx]	Error: 404 Not Found
http://www.2006scape.com/services/knowledge_base/viewarticled0a5.html?article_id=1872, line 23, col 471	http://www.2006scape.com/services/knowledge_base/viewarticle8e9.html?article_id=1714	smelting	Error: 404 Not Found
http://www.2006scape.com/services/knowledge_base/viewarticled0a9.html?article_id=1872, line 130, col 106	http://www.2006scape.com/services/knowledge_base/viewarticle40a8.html?article_id=1958	Fletching - Making Bolts	Error: 404 Not Found
http://www.2006scape.com/services/knowledge_base/viewarticled0a9.html?article_id=1872, line 292, col 447	http://www.2006scape.com/services/knowledge_base/viewarticle1d0.html?article_id=2195	Click here to view the Crafting FAQs	Error: 404 Not Found
http://www.2006scape.com/services/knowledge_base/viewarticled173.html?article_id=174, line 27, col 450	http://www.2006scape.com/services/knowledge_base/title.html	here	Error: 404 Not Found
http://www.2006scape.com/services/knowledge_base/viewarticled4a.html?article_id=1798, line 69, col 1	http://www.2006scape.com/services/knowledge_base/img/kbase/quest_images/quests_waterfall2.gif	[image]	Error: 404 Not Found
http://www.2006scape.com/services/knowledge_base/viewarticled4ab.html?article_id=1969, line 69, col 1	http://www.2006scape.com/services/knowledge_base/img/kbase/quest_images/quests_mountaindaughter.gif	[image: at the mountain camp]	Error: 404 Not Found
http://www.2006scape.com/services/knowledge_base/viewarticled503.html?article_id=1830, line 69, col 1	http://www.2006scape.com/services/knowledge_base/img/kbase/quest_images/quests_femmenikit.gif	[image]	Error: 404 Not Found
http://www.2006scape.com/services/knowledge_base/viewarticled5b1.html?article_id=2030, line 69, col 1	http://www.2006scape.com/services/knowledge_base/img/kbase/quest_images/quests_monkfishend.gif	[image]	Error: 404 Not Found
http://www.2006scape.com/services/knowledge_base/viewarticled7b6.html?article_id=2260, line 56, col 145	http://www.2006scape.com/services/knowledge_base/viewarticle252.html?article_id=2253	Fertile Cat	Error: 404 Not Found
http://www.2006scape.com/services/knowledge_base/viewarticle8842.html?article_id=190, line 140, col 30	http://www.2006scape.com/services/knowledge_base/viewarticle3c1.html?article_id=1907	Full Crafts Guide	Error: 404 Not Found
http://www.2006scape.com/services/knowledge_base/viewarticledbfb.html?article_id=1994, line 27, col 277	http://www.2006scape.com/services/knowledge_base/loginapplet/loginapplet.html?mod=ticketing&dest=other.html	Submit a game-related query	Error: 404 Not Found
http://www.2006scape.com/services/knowledge_base/viewarticledb89.html?article_id=2075, line 107, col 70	http://www.2006scape.com/services/knowledge_base/Customer_Support/Moderators/Player_Moderators/category.html	Player Moderator	Error: 404 Not Found
http://www.2006scape.com/services/knowledge_base/viewarticledb6.html?article_id=1884, line 175, col 14	http://www.2006scape.com/services/knowledge_base/viewarticle2dbf.html?article_id=2610	East Ardougne	Error: 404 Not Found
http://www.2006scape.com/services/knowledge_base/viewarticledb6.html?article_id=1884, line 175, col 36	http://www.2006scape.com/services/knowledge_base/viewarticle8fd1.html?article_id=2609	Catherby	Error: 404 Not Found
http://www.2006scape.com/services/knowledge_base/viewarticledb6.html?article_id=1884, line 41, col 41	http://www.2006scape.com/services/knowledge_base/viewarticle35b3.html?article_id=2612	Port Phasmatys	Error: 404 Not Found
http://www.2006scape.com/services/knowledge_base/viewarticledb6.html?article_id=1884, line 41, col 73	http://www.2006scape.com/services/knowledge_base/viewarticle87b.html?article_id=2716	Etceteria	Error: 404 Not Found
http://www.2006scape.com/services/knowledge_base/viewarticledb6.html?article_id=1884, line 41, col 98	http://www.2006scape.com/services/knowledge_base/viewarticle8fb.html?article_id=2629	Entrana	Error: 404 Not Found
http://www.2006scape.com/services/knowledge_base/viewarticledb6.html?article_id=1884, line 41, col 129	http://www.2006scape.com/services/knowledge_base/viewarticle77c.html?article_id=2661	Seers' Village	Error: 404 Not Found
http://www.2006scape.com/services/knowledge_base/viewarticledb6.html?article_id=1884, line 73, col 56	http://www.2006scape.com/services/knowledge_base/viewarticlead3.html?article_id=2606	Yanille	Error: 404 Not Found
http://www.2006scape.com/services/knowledge_base/viewarticledb6.html?article_id=1884, line 75, col 65	http://www.2006scape.com/services/knowledge_base/viewarticle07fd.html?article_id=2608	Taverley	Error: 404 Not Found
http://www.2006scape.com/services/knowledge_base/viewarticledb6.html?article_id=1884, line 93, col 68	http://www.2006scape.com/services/knowledge_base/viewarticle07d3.html?article_id=2674	Tree Gnome Stronghold	Error: 404 Not Found
http://www.2006scape.com/services/knowledge_base/viewarticledb6.html?article_id=1884, line 101, col 42	http://www.2006scape.com/services/knowledge_base/viewarticle2f6d.html?article_id=2616	Brimhaven	Error: 404 Not Found
http://www.2006scape.com/services/knowledge_base/viewarticledb6.html?article_id=1884, line 134, col 42	http://www.2006scape.com/services/knowledge_base/viewarticle6cb.html?article_id=2648	Al Kharid	Error: 404 Not Found
http://www.2006scape.com/services/knowledge_base/viewarticledb6.html?article_id=1884, line 136, col 40	http://www.2006scape.com/services/knowledge_base/viewarticlef94.html?article_id=2720	Tai Bwo Wannai	Error: 404 Not Found
http://www.2006scape.com/services/knowledge_base/viewarticledb6.html?article_id=1884, line 145, col 42	http://www.2006scape.com/services/knowledge_base/viewarticle286.html?article_id=2663	Canifis	Error: 404 Not Found
http://www.2006scape.com/services/knowledge_base/viewarticledb6.html?article_id=1884, line 154, col 37	http://www.2006scape.com/services/knowledge_base/viewarticle2ba2.html?article_id=2639	Troll Stronghold	Error: 404 Not Found
http://www.2006scape.com/services/knowledge_base/viewarticledb6.html?article_id=1884, line 156, col 38	http://www.2006scape.com/services/knowledge_base/viewarticle0f1b.html?article_id=2656	Harmony Island	Error: 404 Not Found
http://www.2006scape.com/services/knowledge_base/viewarticledb6.html?article_id=1938, line 161, col 53	http://www.2006scape.com/services/knowledge_base/viewarticle6f95.html?article_id=2184	Click here to view the Farming FAQs	Error: 404 Not Found
http://www.2006scape.com/services/knowledge_base/viewarticledefd.html?article_id=2096, line 99, col 54	http://www.2006scape.com/services/knowledge_base/Customer_Support/Moderators/category.html	Moderators	Error: 404 Not Found
http://www.2006scape.com/services/knowledge_base/viewarticle8f89.html?article_id=1829, line 69, col 1	http://www.2006scape.com/services/knowledge_base/img/kbase/quest_images/quests_shilovillage2.gif	[image]	Error: 404 Not Found
http://www.2006scape.com/services/knowledge_base/viewarticlee0a5.html?article_id=1933, line 37, col 178	http://www.2006scape.com/services/knowledge_base/viewarticle1a08.html?article_id=2175	brewing	Error: 404 Not Found
http://www.2006scape.com/services/knowledge_base/viewarticlee2c8.html?article_id=1869, line 27, col 1180	http://www.2006scape.com/services/knowledge_base/viewarticle4fe.html?article_id=1782	Mining Rewards	Error: 404 Not Found
http://www.2006scape.com/services/knowledge_base/viewarticlee6b.html?article_id=2614, line 44, col 54	http://www.2006scape.com/services/knowledge_base/viewarticle97b.html?article_id=2617	Rimmington	Error: 404 Not Found
http://www.2006scape.com/services/knowledge_base/viewarticlee8f5.html?article_id=2236, line 55, col 88	http://www.2006scape.com/services/knowledge_base/viewarticle780.html?article_id=1754	Crafting Rewards	Error: 404 Not Found
http://www.2006scape.com/services/knowledge_base/viewarticlef61c.html?article_id=2258, line 57, col 223	http://www.2006scape.com/services/knowledge_base/viewarticle07a.html?article_id=1727	Woodcutting	Error: 404 Not Found
http://www.2006scape.com/services/knowledge_base/viewarticlef61c.html?article_id=2258, line 423, col 1	http://www.2006scape.com/services/knowledge_base/viewarticle47e.html?article_id=2723	Click here for more information about Crossbows and Bolts.	Error: 404 Not Found
http://www.2006scape.com/services/knowledge_base/viewarticlef6c4.html?article_id=2081, line 179, col 52	http://www.2006scape.com/services/knowledge_base/loginapplet/loginapplet.html?mod=ticketing&dest=advert_compl...	Submit an advert complaint	Error: 404 Not Found
http://www.2006scape.com/services/knowledge_base/viewarticlefc2.html?article_id=2014, line 69, col 1	http://www.2006scape.com/services/knowledge_base/img/kbase/quest_images/quests_watchtower.gif	[image: gems]	Error: 404 Not Found
http://www.2006scape.com/services/knowledge_base/viewarticlef807.html?article_id=2076, line 105, col 287	http://www.2006scape.com/services/knowledge_base/Rules_of_Conduct/category.html	Rules of Conduct	Error: 404 Not Found
http://www.2006scape.com/services/knowledge_base/viewarticlef9e2.html?article_id=2033, line 69, col 1	http://www.2006scape.com/services/knowledge_base/img/kbase/quest_images/quests_monkeyg.gif	[icon]	Error: 404 Not Found
http://www.2006scape.com/services/scamming_prevention/scam18.html, line 68, col 56	http://www.2006scape.com/services/scamming_prevention/viewarticle8a1c.html?article_id=2090	Safety & Security Guidelines	Error: 404 Not Found
http://www.2006scape.com/services/scamming_prevention/scam18.html, line 69, col 1	http://www.2006scape.com/services/scamming_prevention/viewarticle152.html?article_id=2080	Play Safely	Error: 404 Not Found
http://www.2006scape.com/services/scamming_prevention/scam18.html, line 70, col 1	http://www.2006scape.com/services/scamming_prevention/viewarticle7a8.html?article_id=2091	Responsible Gaming Policy	Error: 404 Not Found
http://www.2006scape.com/services/scamming_prevention/scam18.html, line 56, col 1	http://www.2006scape.com/services/scamming_prevention/viewarticle8d09.html?article_id=2089	Health & Safety	Error: 404 Not Found
http://www.2006scape.com/services/scamming_prevention/scam18.html, line 62, col 1	http://www.2006scape.com/services/scamming_prevention/viewarticle7b4.html?article_id=2087	Security Information	Error: 404 Not Found
http://www.2006scape.com/services/news/newsitem.ws?id=33, line 205, col 107	http://www.2006scape.com/pages/stories_and_letters/players_gallery	here	Error: 404 Not Found
http://www.2006scape.com/services/news/newsitem.ws?id=118, line 278, col 224	http://www.2006scape.com/pages/stories_and_letters/players_gallery/gallery2.html	here	Error: 404 Not Found
http://www.2006scape.com/services/news/newsitem.ws?id=33, line 23, col 79	http://www.2006scape.com/wiki/index.php?title=Main_Page	http://www.2006scape.com/wiki/index.php?title=Main_Page	Error: 404 Not Found
http://www.2006scape.com/services/news/newsitem.ws?id=11, line 32, col 54	http://www.youtube.com/watch?v=iDuOi2UFt7c&feature=youtu.be	http://youtu.be/iDuOi2UFt7c	Error: 404 Not Found
http://www.2006scape.com/services/news/newsitem.ws?id=11, line 23, col 106	http://www.2006scape.com/forums/index.php?/topic/13242-mod-policks/	here	Error: 404 Not Found
http://www.2006scape.com/services/news/newsitem.ws?id=29, line 20, col 27	http://www.runebit.com/forum.php	http://www.runebit.com/forum.php	Error: 404 Not Found
http://www.2006scape.com/services/news/newsitem.ws?id=11, line 21, col 56	http://www.youtube.com/subscription_center?add_user=2006remake	subscribe	Error: 404 Not Found
http://www.runescape.com/title.ws, line 252, col 1	https://secure.runescape.com/m=weblogin/login.ws	Error: 404 Not Found
http://www.2006scape.com/services/news/newsitem.ws?id=11, line 24, col 56	http://www.2006scape.com/pages/downloads/index.html	Error: 404 Not Found
